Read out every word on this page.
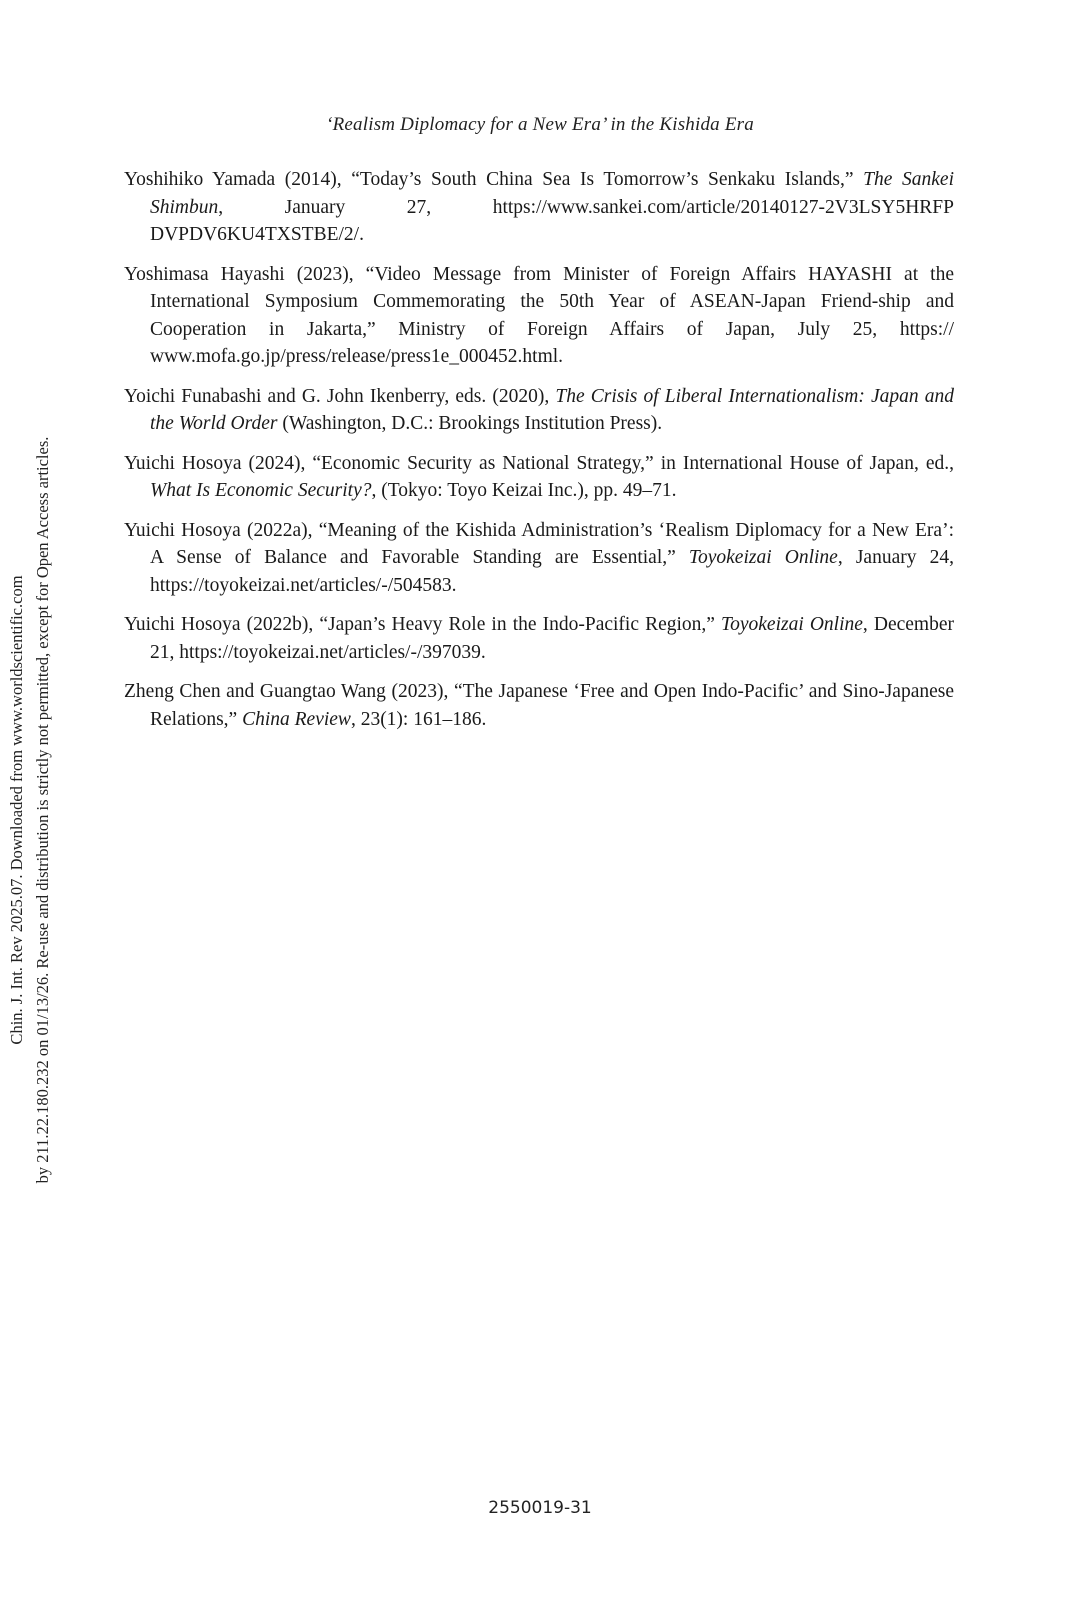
‘Realism Diplomacy for a New Era’ in the Kishida Era
Yoshihiko Yamada (2014), “Today’s South China Sea Is Tomorrow’s Senkaku Islands,” The Sankei Shimbun, January 27, https://www.sankei.com/article/20140127-2V3LSY5HRFP DVPDV6KU4TXSTBE/2/.
Yoshimasa Hayashi (2023), “Video Message from Minister of Foreign Affairs HAYASHI at the International Symposium Commemorating the 50th Year of ASEAN-Japan Friend-ship and Cooperation in Jakarta,” Ministry of Foreign Affairs of Japan, July 25, https:// www.mofa.go.jp/press/release/press1e_000452.html.
Yoichi Funabashi and G. John Ikenberry, eds. (2020), The Crisis of Liberal Internationalism: Japan and the World Order (Washington, D.C.: Brookings Institution Press).
Yuichi Hosoya (2024), “Economic Security as National Strategy,” in International House of Japan, ed., What Is Economic Security?, (Tokyo: Toyo Keizai Inc.), pp. 49–71.
Yuichi Hosoya (2022a), “Meaning of the Kishida Administration’s ‘Realism Diplomacy for a New Era’: A Sense of Balance and Favorable Standing are Essential,” Toyokeizai Online, January 24, https://toyokeizai.net/articles/-/504583.
Yuichi Hosoya (2022b), “Japan’s Heavy Role in the Indo-Pacific Region,” Toyokeizai Online, December 21, https://toyokeizai.net/articles/-/397039.
Zheng Chen and Guangtao Wang (2023), “The Japanese ‘Free and Open Indo-Pacific’ and Sino-Japanese Relations,” China Review, 23(1): 161–186.
Chin. J. Int. Rev 2025.07. Downloaded from www.worldscientific.com by 211.22.180.232 on 01/13/26. Re-use and distribution is strictly not permitted, except for Open Access articles.
2550019-31
